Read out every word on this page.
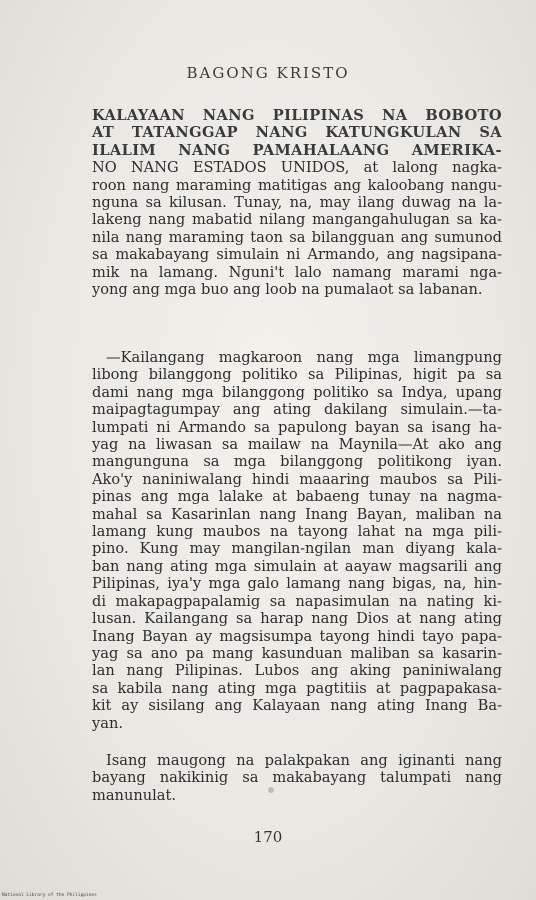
BAGONG KRISTO
KALAYAAN NANG PILIPINAS NA BOBOTO
AT TATANGGAP NANG KATUNGKULAN SA
ILALIM NANG PAMAHALAANG AMERIKA-
NO NANG ESTADOS UNIDOS, at lalong nagka-
roon nang maraming matitigas ang kaloobang nangu-
nguna sa kilusan. Tunay, na, may ilang duwag na la-
lakeng nang mabatid nilang mangangahulugan sa ka-
nila nang maraming taon sa bilangguan ang sumunod
sa makabayang simulain ni Armando, ang nagsipana-
mik na lamang. Nguni't lalo namang marami nga-
yong ang mga buo ang loob na pumalaot sa labanan.
—Kailangang magkaroon nang mga limangpung
libong bilanggong politiko sa Pilipinas, higit pa sa
dami nang mga bilanggong politiko sa Indya, upang
maipagtagumpay ang ating dakilang simulain.—ta-
lumpati ni Armando sa papulong bayan sa isang ha-
yag na liwasan sa mailaw na Maynila—At ako ang
mangunguna sa mga bilanggong politikong iyan.
Ako'y naniniwalang hindi maaaring maubos sa Pili-
pinas ang mga lalake at babaeng tunay na nagma-
mahal sa Kasarinlan nang Inang Bayan, maliban na
lamang kung maubos na tayong lahat na mga pili-
pino. Kung may mangilan-ngilan man diyang kala-
ban nang ating mga simulain at aayaw magsarili ang
Pilipinas, iya'y mga galo lamang nang bigas, na, hin-
di makapagpapalamig sa napasimulan na nating ki-
lusan. Kailangang sa harap nang Dios at nang ating
Inang Bayan ay magsisumpa tayong hindi tayo papa-
yag sa ano pa mang kasunduan maliban sa kasarin-
lan nang Pilipinas. Lubos ang aking paniniwalang
sa kabila nang ating mga pagtitiis at pagpapakasa-
kit ay sisilang ang Kalayaan nang ating Inang Ba-
yan.
Isang maugong na palakpakan ang iginanti nang
bayang nakikinig sa makabayang talumpati nang
manunulat.
170
National Library of the Philippines
